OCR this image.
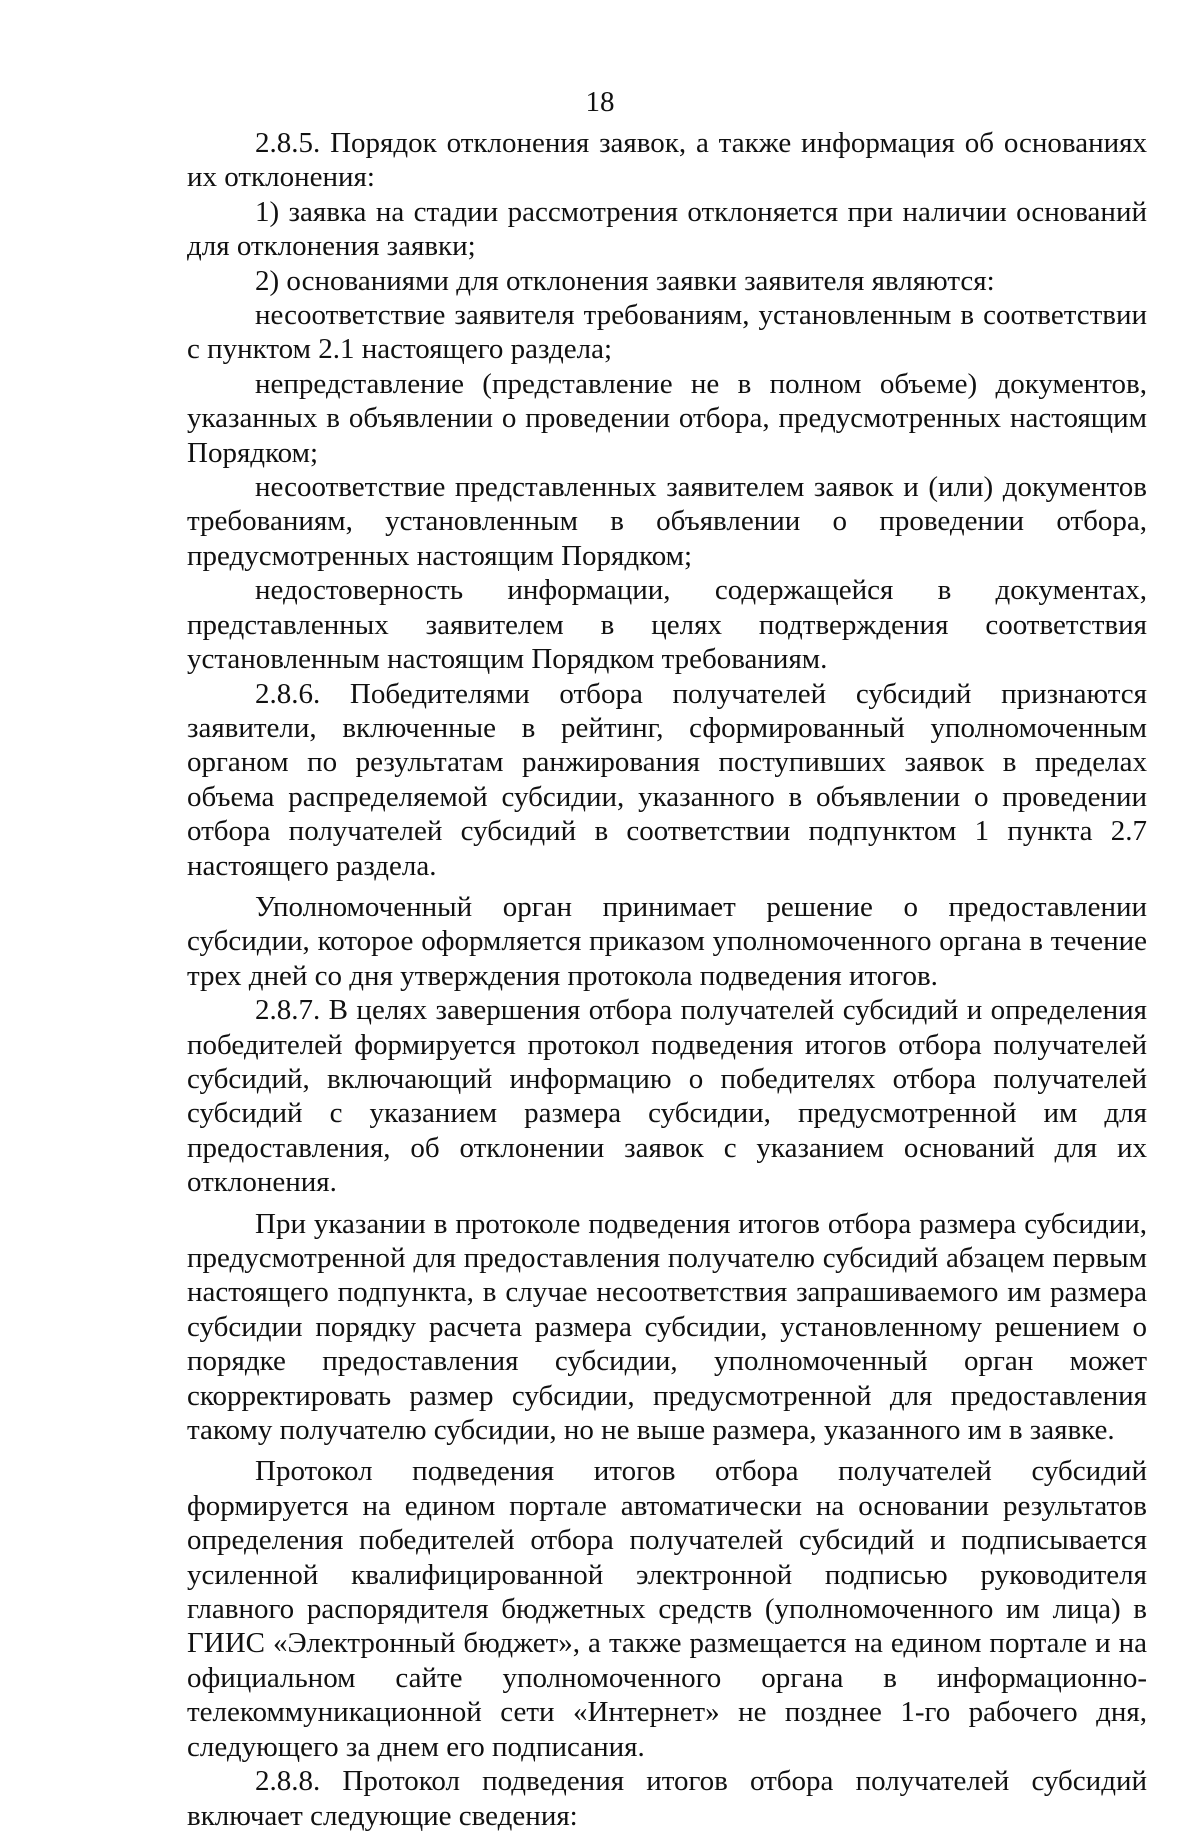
18

2.8.5. Порядок отклонения заявок, а также информация об основаниях их отклонения:

1) заявка на стадии рассмотрения отклоняется при наличии оснований для отклонения заявки;

2) основаниями для отклонения заявки заявителя являются:

несоответствие заявителя требованиям, установленным в соответствии с пунктом 2.1 настоящего раздела;

непредставление (представление не в полном объеме) документов, указанных в объявлении о проведении отбора, предусмотренных настоящим Порядком;

несоответствие представленных заявителем заявок и (или) документов требованиям, установленным в объявлении о проведении отбора, предусмотренных настоящим Порядком;

недостоверность информации, содержащейся в документах, представленных заявителем в целях подтверждения соответствия установленным настоящим Порядком требованиям.

2.8.6. Победителями отбора получателей субсидий признаются заявители, включенные в рейтинг, сформированный уполномоченным органом по результатам ранжирования поступивших заявок в пределах объема распределяемой субсидии, указанного в объявлении о проведении отбора получателей субсидий в соответствии подпунктом 1 пункта 2.7 настоящего раздела.

Уполномоченный орган принимает решение о предоставлении субсидии, которое оформляется приказом уполномоченного органа в течение трех дней со дня утверждения протокола подведения итогов.

2.8.7. В целях завершения отбора получателей субсидий и определения победителей формируется протокол подведения итогов отбора получателей субсидий, включающий информацию о победителях отбора получателей субсидий с указанием размера субсидии, предусмотренной им для предоставления, об отклонении заявок с указанием оснований для их отклонения.

При указании в протоколе подведения итогов отбора размера субсидии, предусмотренной для предоставления получателю субсидий абзацем первым настоящего подпункта, в случае несоответствия запрашиваемого им размера субсидии порядку расчета размера субсидии, установленному решением о порядке предоставления субсидии, уполномоченный орган может скорректировать размер субсидии, предусмотренной для предоставления такому получателю субсидии, но не выше размера, указанного им в заявке.

Протокол подведения итогов отбора получателей субсидий формируется на едином портале автоматически на основании результатов определения победителей отбора получателей субсидий и подписывается усиленной квалифицированной электронной подписью руководителя главного распорядителя бюджетных средств (уполномоченного им лица) в ГИИС «Электронный бюджет», а также размещается на едином портале и на официальном сайте уполномоченного органа в информационно-телекоммуникационной сети «Интернет» не позднее 1-го рабочего дня, следующего за днем его подписания.

2.8.8. Протокол подведения итогов отбора получателей субсидий включает следующие сведения:
